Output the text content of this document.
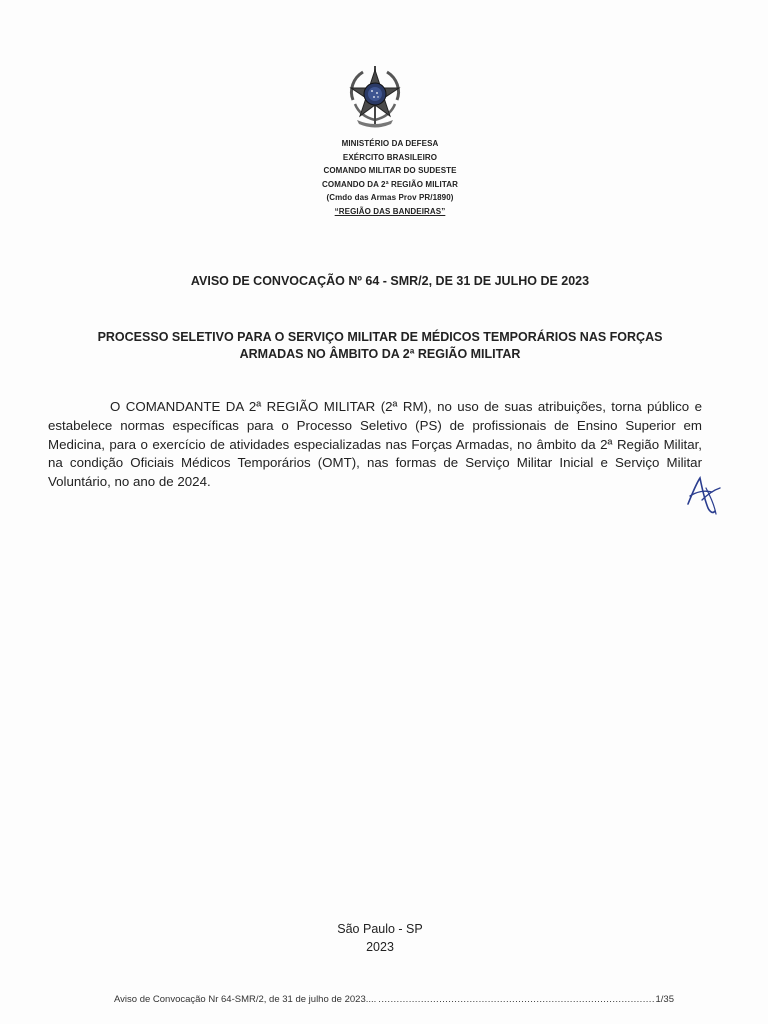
MINISTÉRIO DA DEFESA
EXÉRCITO BRASILEIRO
COMANDO MILITAR DO SUDESTE
COMANDO DA 2ª REGIÃO MILITAR
(Cmdo das Armas Prov PR/1890)
“REGIÃO DAS BANDEIRAS”
AVISO DE CONVOCAÇÃO Nº 64 - SMR/2, DE 31 DE JULHO DE 2023
PROCESSO SELETIVO PARA O SERVIÇO MILITAR DE MÉDICOS TEMPORÁRIOS NAS FORÇAS ARMADAS NO ÂMBITO DA 2ª REGIÃO MILITAR

O COMANDANTE DA 2ª REGIÃO MILITAR (2ª RM), no uso de suas atribuições, torna público e estabelece normas específicas para o Processo Seletivo (PS) de profissionais de Ensino Superior em Medicina, para o exercício de atividades especializadas nas Forças Armadas, no âmbito da 2ª Região Militar, na condição Oficiais Médicos Temporários (OMT), nas formas de Serviço Militar Inicial e Serviço Militar Voluntário, no ano de 2024.

São Paulo - SP
2023
Aviso de Convocação Nr 64-SMR/2, de 31 de julho de 2023....
.....	1/35
